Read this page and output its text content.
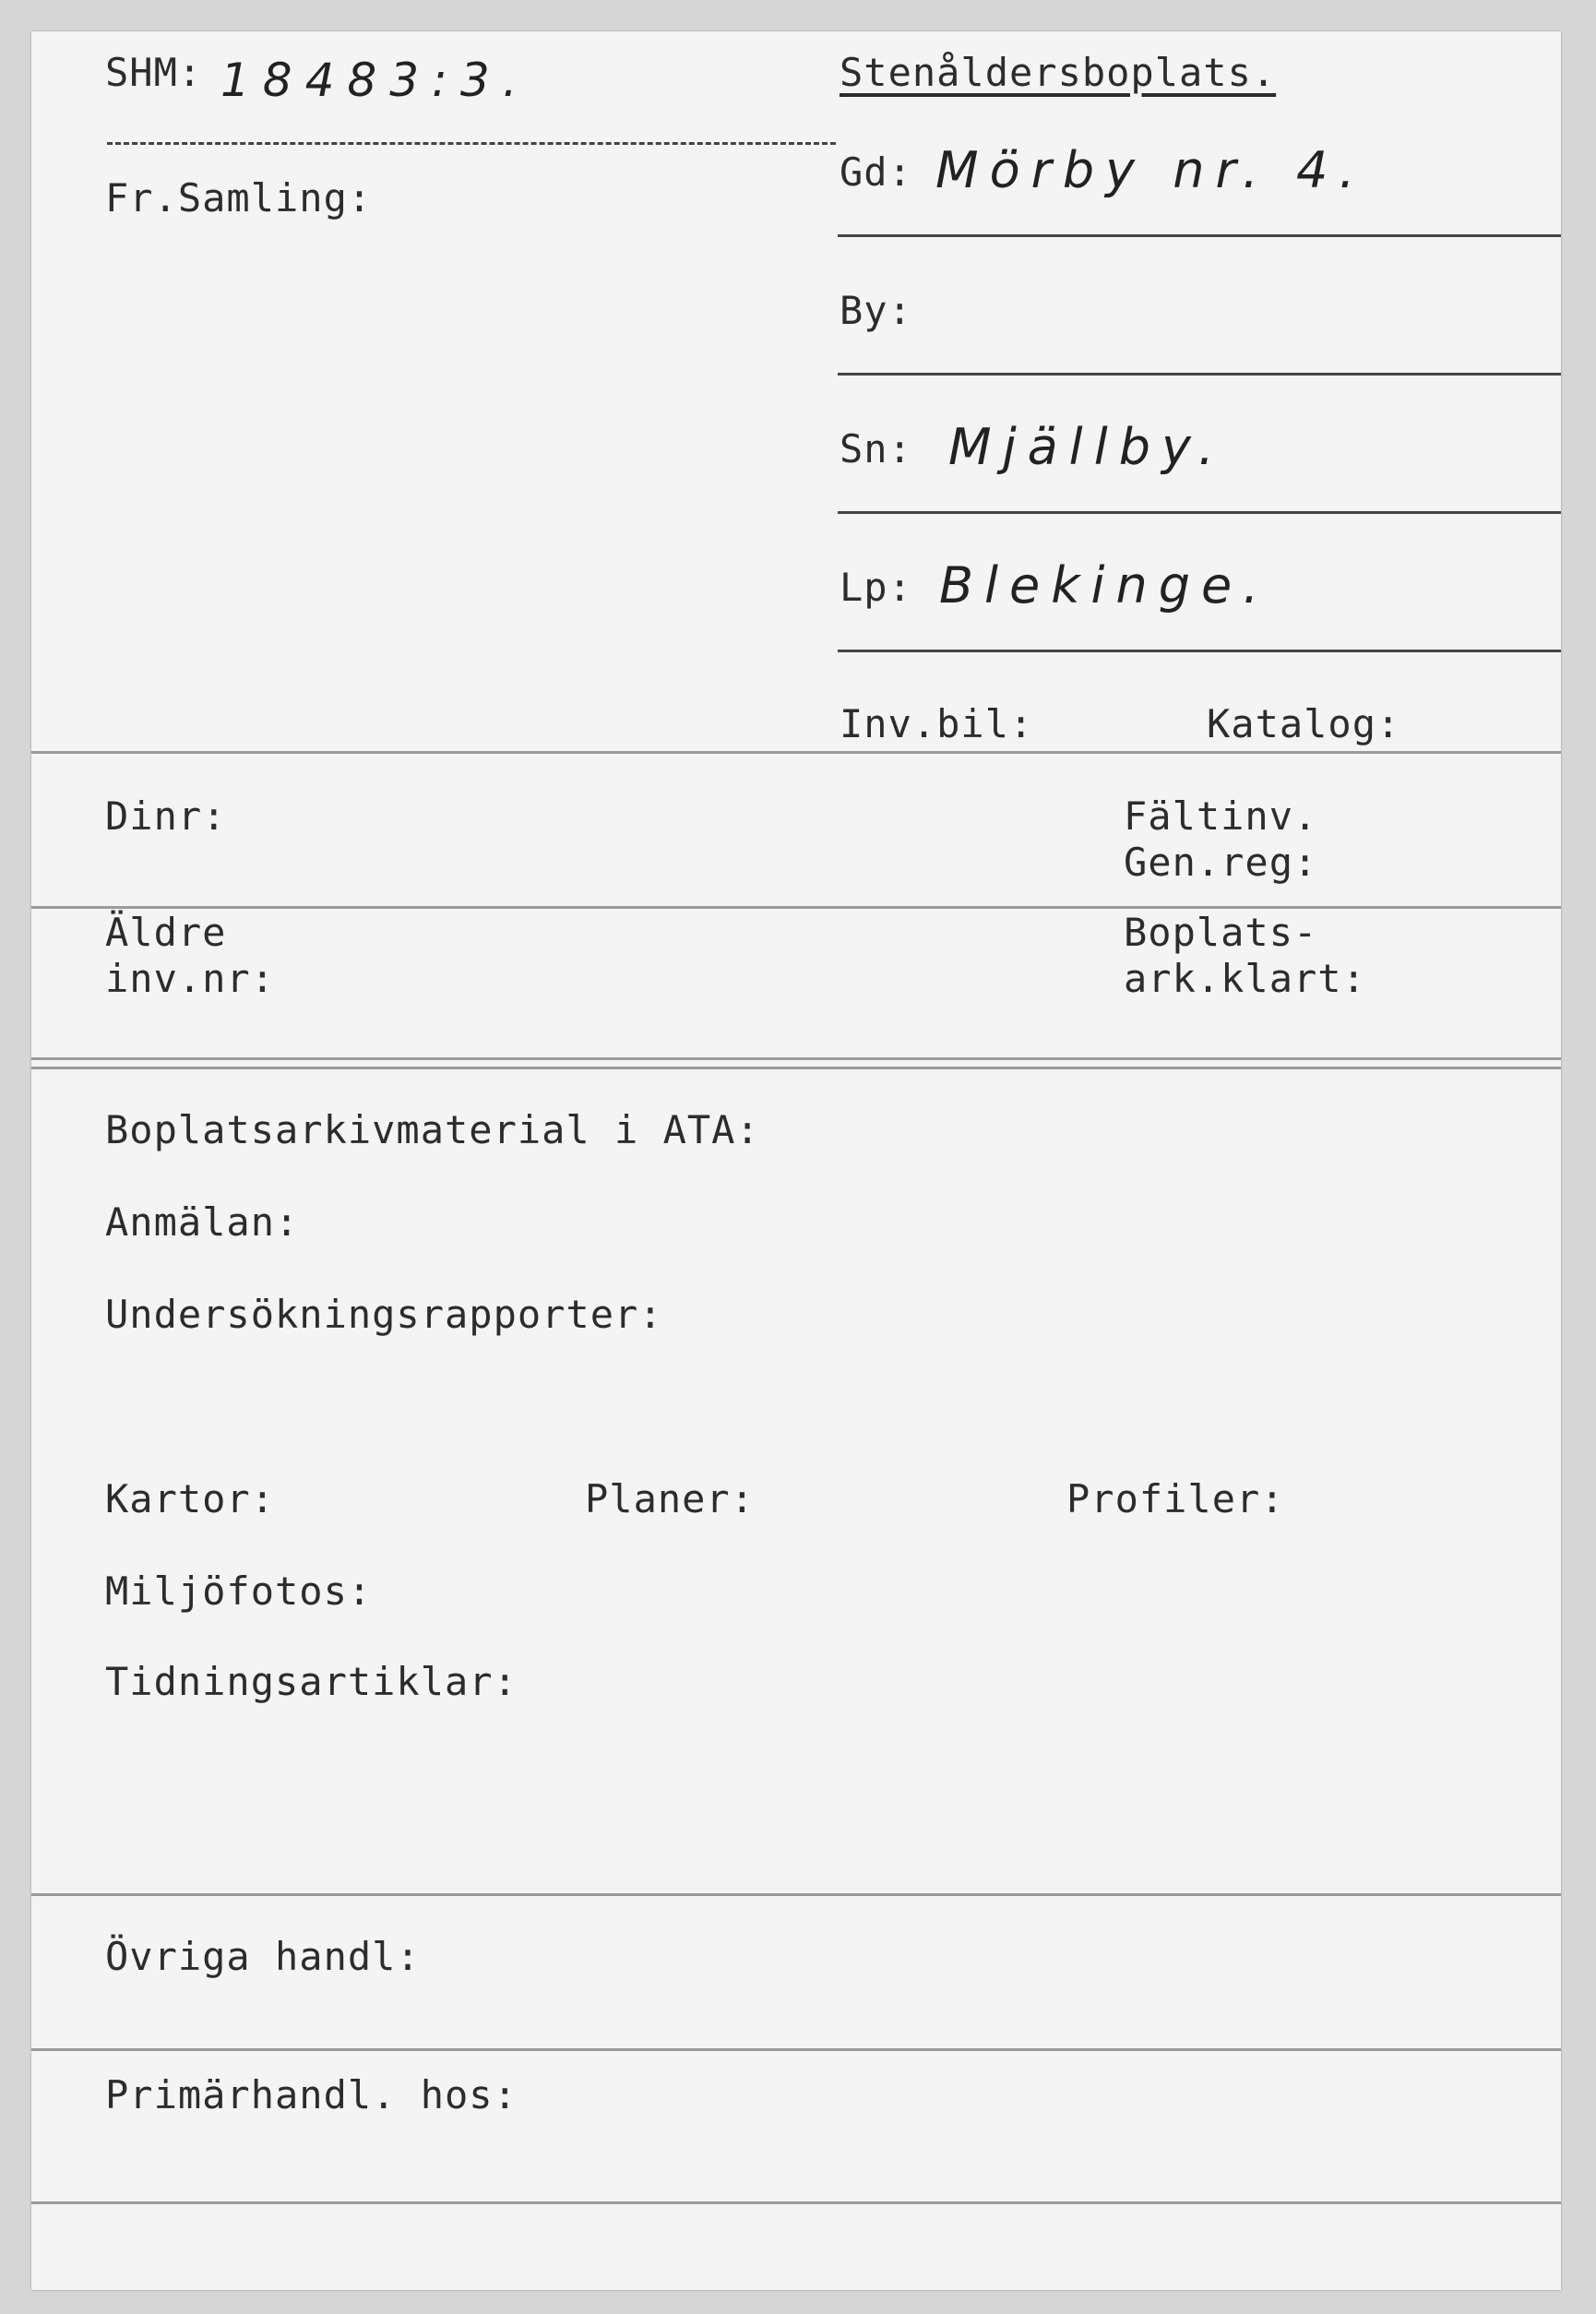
SHM: 18483:3.	Stenåldersboplats.
Fr.Samling:
Gd: Mörby nr. 4.
By:
Sn: Mjällby.
Lp: Blekinge.
Inv.bil:	Katalog:
Dinr:	Fältinv.
Gen.reg:
Äldre
inv.nr:
Boplats-
ark.klart:
Boplatsarkivmaterial i ATA:
Anmälan:
Undersökningsrapporter:
Kartor:	Planer:	Profiler:
Miljöfotos:
Tidningsartiklar:
Övriga handl:
Primärhandl. hos:
